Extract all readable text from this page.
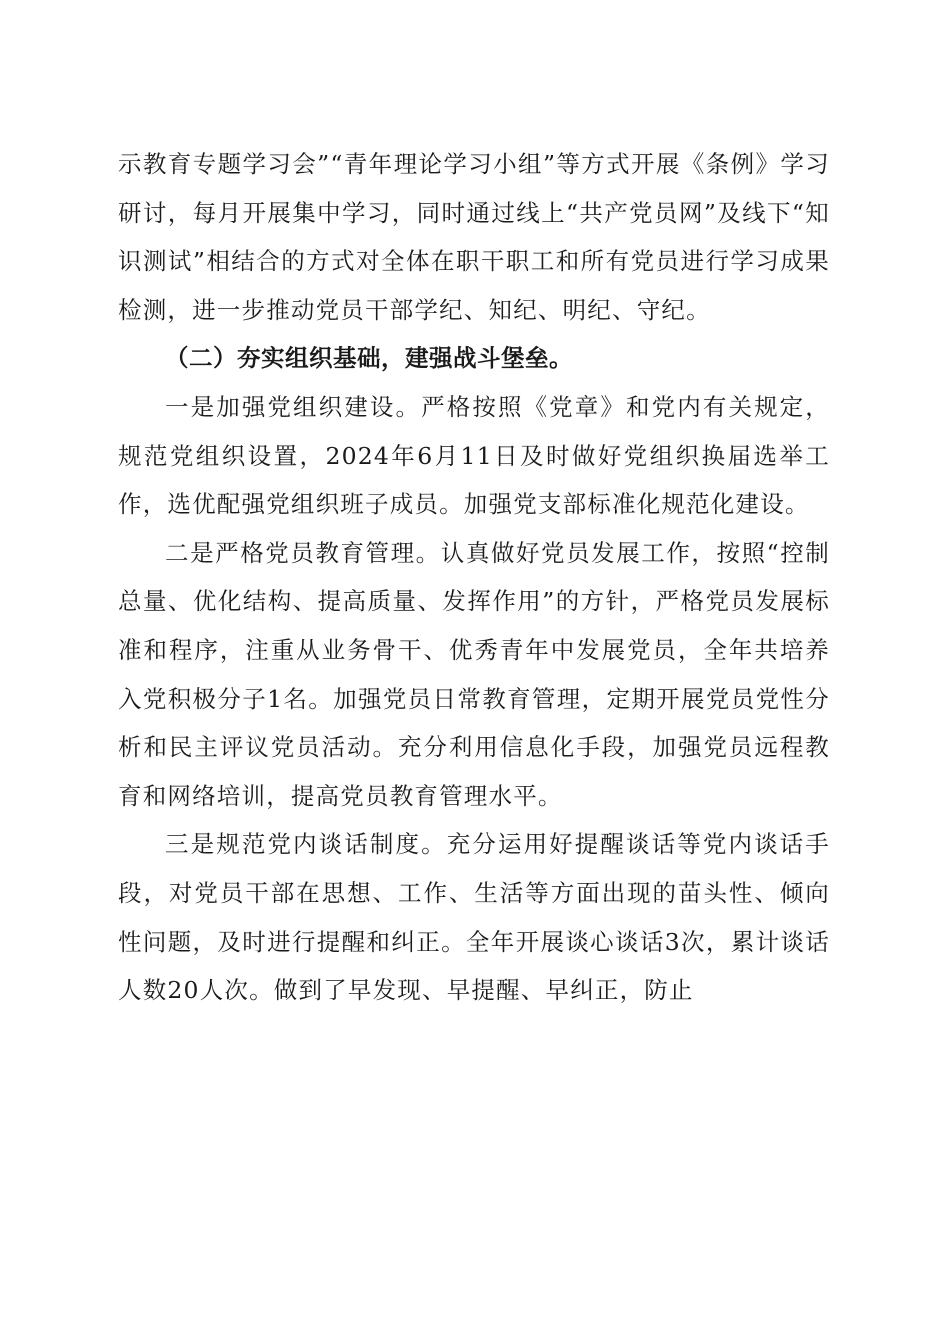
示教育专题学习会”“青年理论学习小组”等方式开展《条例》学习研讨，每月开展集中学习，同时通过线上“共产党员网”及线下“知识测试”相结合的方式对全体在职干职工和所有党员进行学习成果检测，进一步推动党员干部学纪、知纪、明纪、守纪。

（二）夯实组织基础，建强战斗堡垒。

一是加强党组织建设。严格按照《党章》和党内有关规定，规范党组织设置，2024年6月11日及时做好党组织换届选举工作，选优配强党组织班子成员。加强党支部标准化规范化建设。

二是严格党员教育管理。认真做好党员发展工作，按照“控制总量、优化结构、提高质量、发挥作用”的方针，严格党员发展标准和程序，注重从业务骨干、优秀青年中发展党员，全年共培养入党积极分子1名。加强党员日常教育管理，定期开展党员党性分析和民主评议党员活动。充分利用信息化手段，加强党员远程教育和网络培训，提高党员教育管理水平。

三是规范党内谈话制度。充分运用好提醒谈话等党内谈话手段，对党员干部在思想、工作、生活等方面出现的苗头性、倾向性问题，及时进行提醒和纠正。全年开展谈心谈话3次，累计谈话人数20人次。做到了早发现、早提醒、早纠正，防止
